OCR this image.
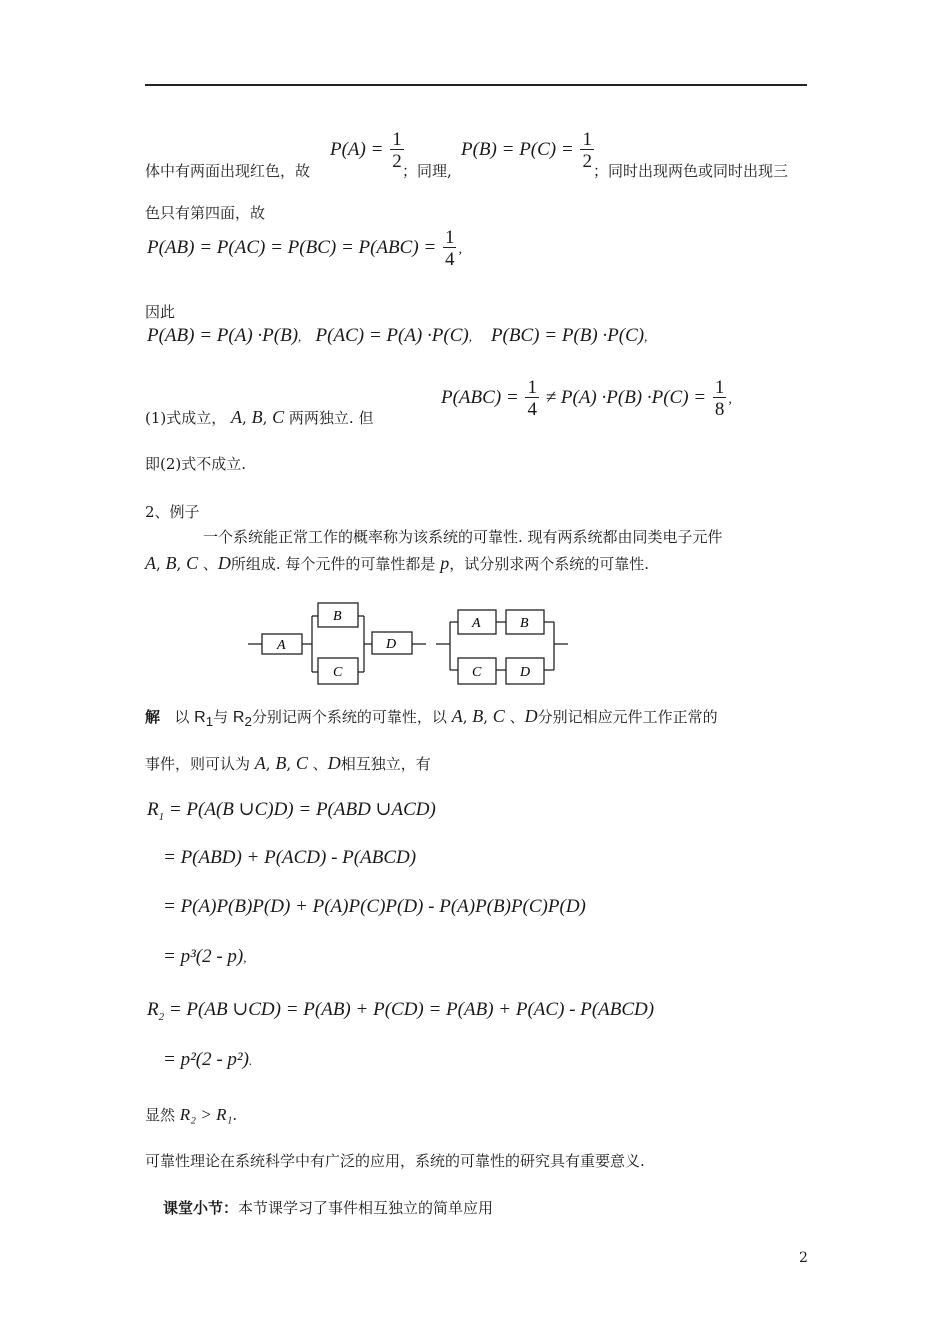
体中有两面出现红色，故
$P(A) = \frac{1}{2}$
；同理,
$P(B) = P(C) = \frac{1}{2}$ ；同时出现两色或同时出现三
色只有第四面，故
$P(AB) = P(AC) = P(BC) = P(ABC) = \frac{1}{4}$ ,
因此
P(AB) = P(A) ·P(B), P(AC) = P(A) ·P(C), P(BC) = P(B) ·P(C),
(1)式成立， A, B, C 两两独立. 但
$P(ABC) = \frac{1}{4} \ne P(A) \cdot P(B) \cdot P(C) = \frac{1}{8}$ ,
即(2)式不成立.
2、例子
一个系统能正常工作的概率称为该系统的可靠性. 现有两系统都由同类电子元件
A, B, C 、D所组成. 每个元件的可靠性都是 p，试分别求两个系统的可靠性.
A
B
C
D
A	B
C	D
解 以 $R_1$与 $R_2$分别记两个系统的可靠性，以 A, B, C 、D分别记相应元件工作正常的
事件，则可认为 A, B, C 、D相互独立，有
$R_1 = P(A(B$ ∪C)D) = P(ABD ∪ACD)
= P(ABD) + P(ACD) - P(ABCD)
= P(A)P(B)P(D) + P(A)P(C)P(D) - P(A)P(B)P(C)P(D)
= p³(2 - p),
$R_2 = P(AB$ ∪CD) = P(AB) + P(CD) = P(AB) + P(AC) - P(ABCD)
= p²(2 - p²).
显然 R₂ > R₁.
可靠性理论在系统科学中有广泛的应用，系统的可靠性的研究具有重要意义.
课堂小节：本节课学习了事件相互独立的简单应用
2
